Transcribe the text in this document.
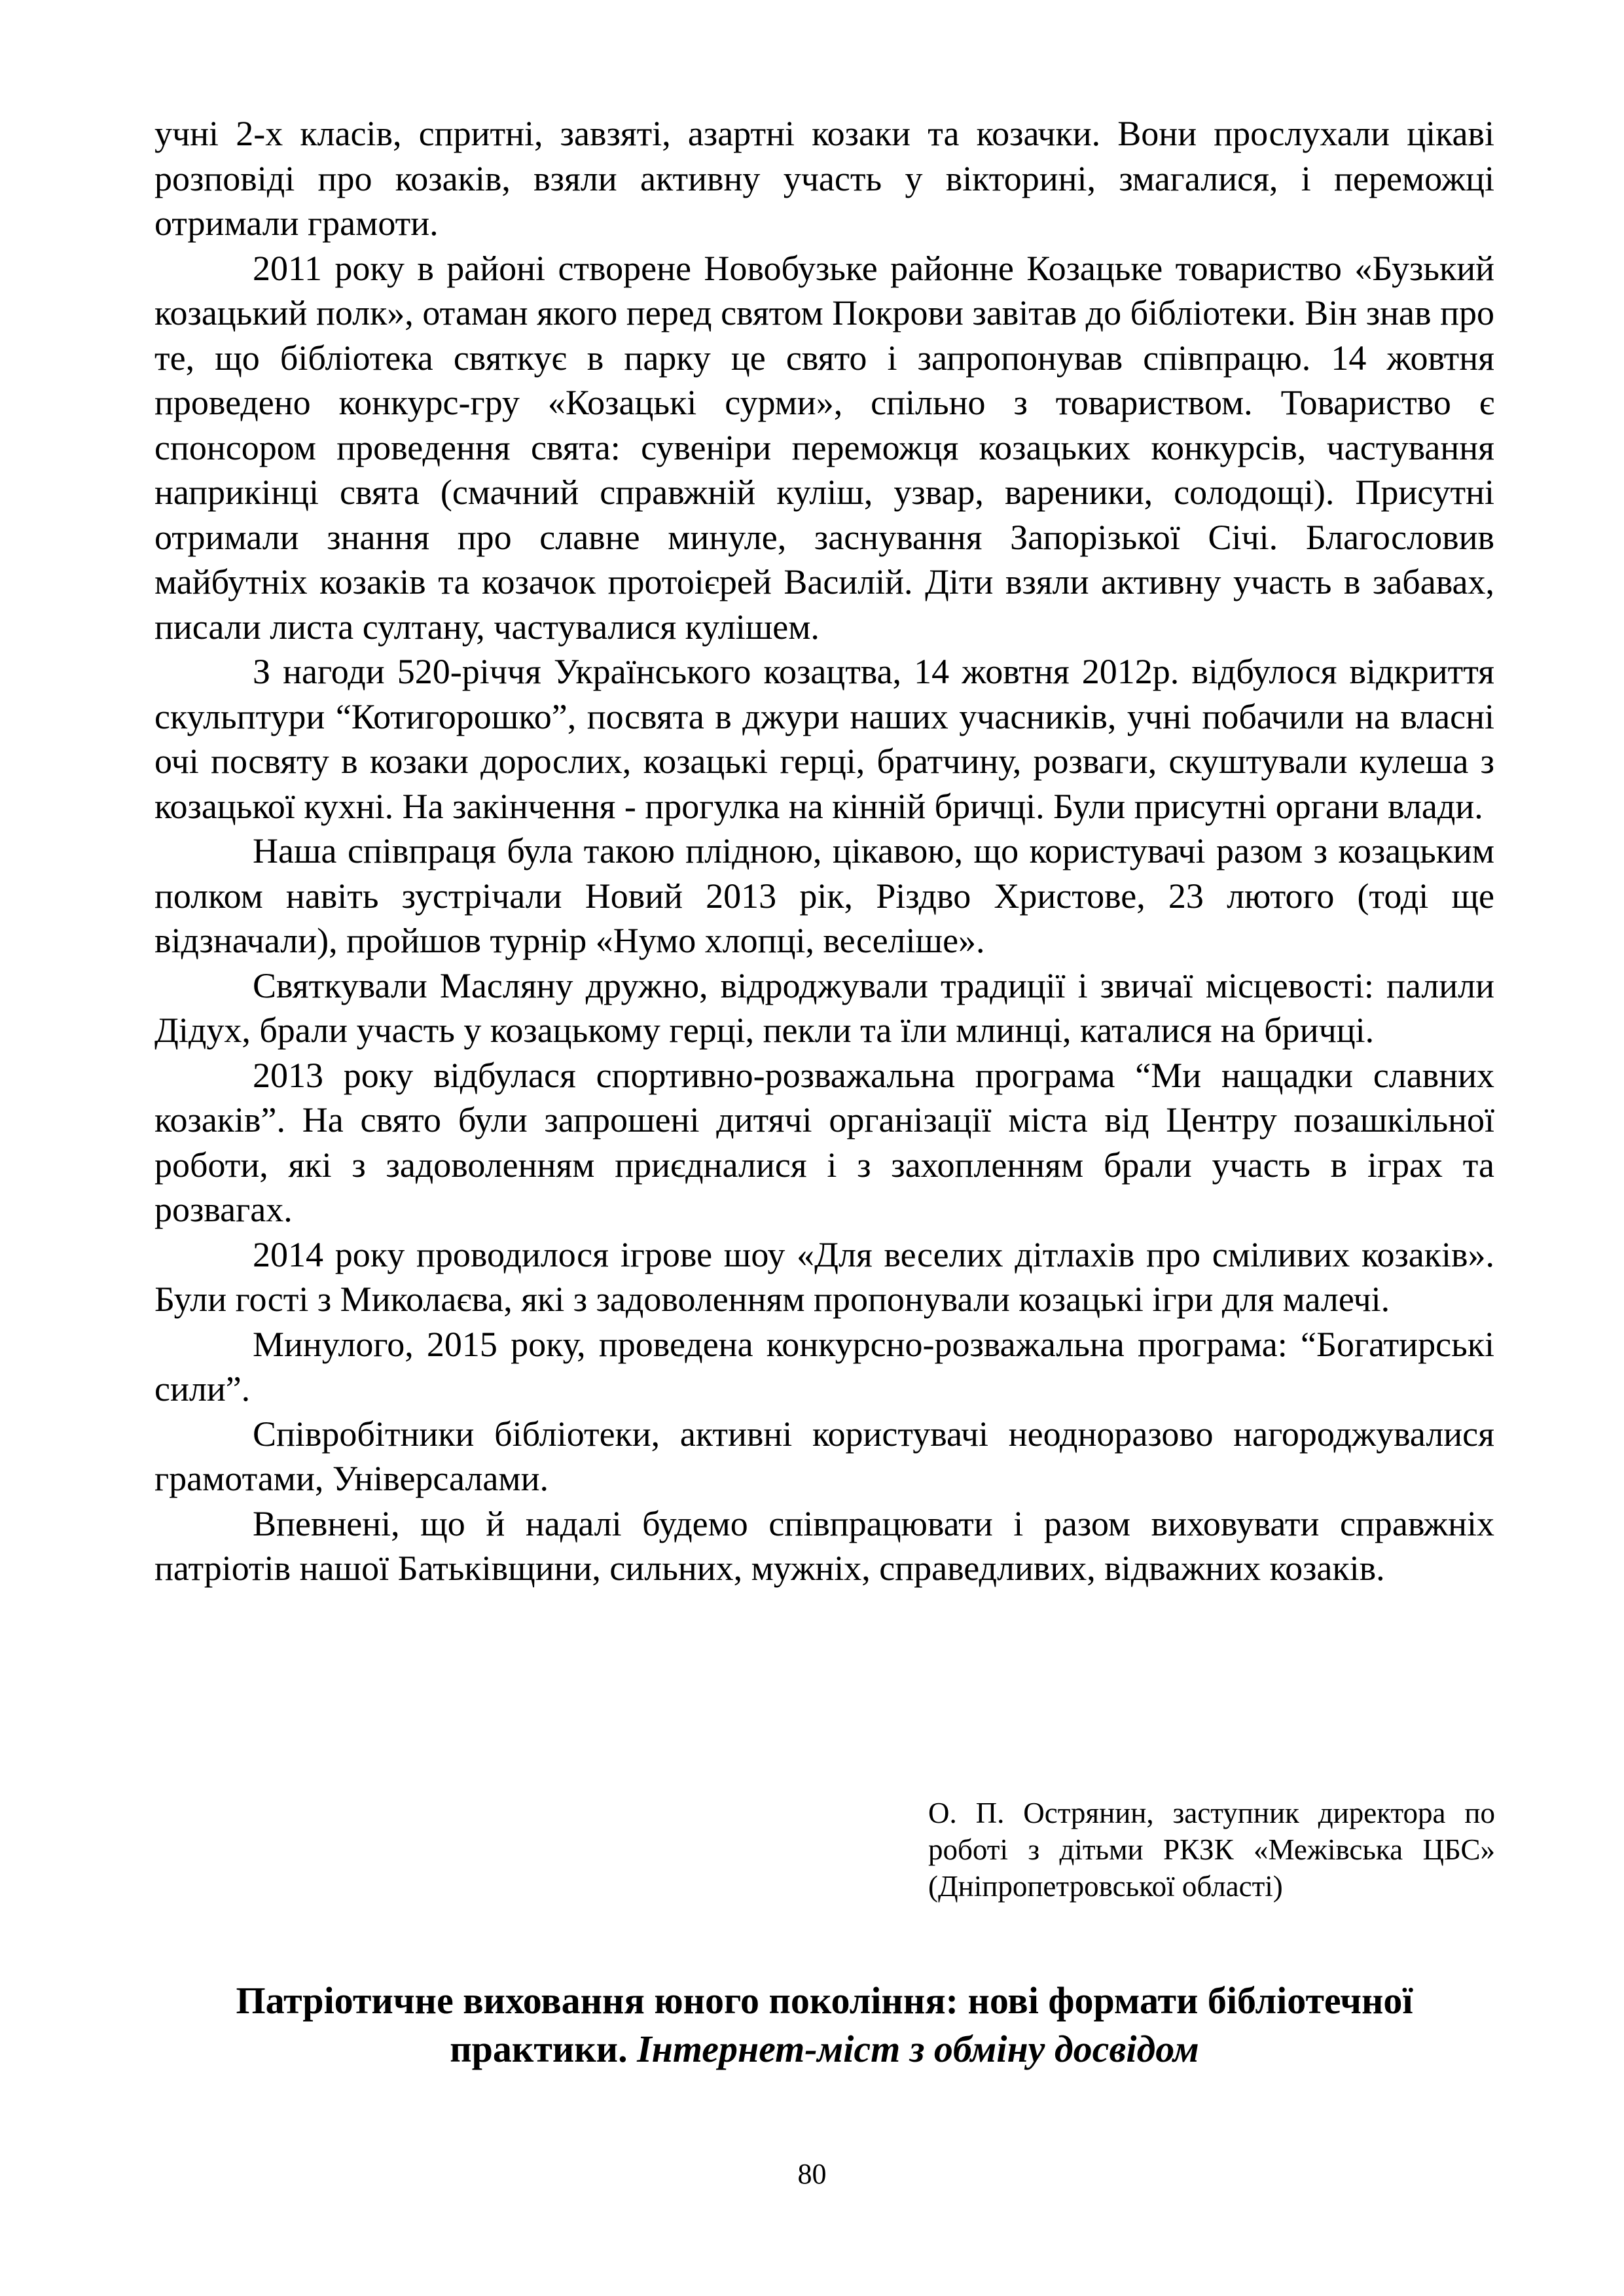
учні 2-х класів, спритні, завзяті, азартні козаки та козачки. Вони прослухали цікаві розповіді про козаків, взяли активну участь у вікторині, змагалися, і переможці отримали грамоти.

2011 року в районі створене Новобузьке районне Козацьке товариство «Бузький козацький полк», отаман якого перед святом Покрови завітав до бібліотеки. Він знав про те, що бібліотека святкує в парку це свято і запропонував співпрацю. 14 жовтня проведено конкурс-гру «Козацькі сурми», спільно з товариством. Товариство є спонсором проведення свята: сувеніри переможця козацьких конкурсів, частування наприкінці свята (смачний справжній куліш, узвар, вареники, солодощі). Присутні отримали знання про славне минуле, заснування Запорізької Січі. Благословив майбутніх козаків та козачок протоієрей Василій. Діти взяли активну участь в забавах, писали листа султану, частувалися кулішем.

З нагоди 520-річчя Українського козацтва, 14 жовтня 2012р. відбулося відкриття скульптури “Котигорошко”, посвята в джури наших учасників, учні побачили на власні очі посвяту в козаки дорослих, козацькі герці, братчину, розваги, скуштували кулеша з козацької кухні. На закінчення - прогулка на кінній бричці. Були присутні органи влади.

Наша співпраця була такою плідною, цікавою, що користувачі разом з козацьким полком навіть зустрічали Новий 2013 рік, Різдво Христове, 23 лютого (тоді ще відзначали), пройшов турнір «Нумо хлопці, веселіше».

Святкували Масляну дружно, відроджували традиції і звичаї місцевості: палили Дідух, брали участь у козацькому герці, пекли та їли млинці, каталися на бричці.

2013 року відбулася спортивно-розважальна програма “Ми нащадки славних козаків”. На свято були запрошені дитячі організації міста від Центру позашкільної роботи, які з задоволенням приєдналися і з захопленням брали участь в іграх та розвагах.

2014 року проводилося ігрове шоу «Для веселих дітлахів про сміливих козаків». Були гості з Миколаєва, які з задоволенням пропонували козацькі ігри для малечі.

Минулого, 2015 року, проведена конкурсно-розважальна програма: “Богатирські сили”.

Співробітники бібліотеки, активні користувачі неодноразово нагороджувалися грамотами, Універсалами.

Впевнені, що й надалі будемо співпрацювати і разом виховувати справжніх патріотів нашої Батьківщини, сильних, мужніх, справедливих, відважних козаків.

О. П. Острянин, заступник директора по роботі з дітьми РКЗК «Межівська ЦБС» (Дніпропетровської області)
Патріотичне виховання юного покоління: нові формати бібліотечної практики. Інтернет-міст з обміну досвідом
80
